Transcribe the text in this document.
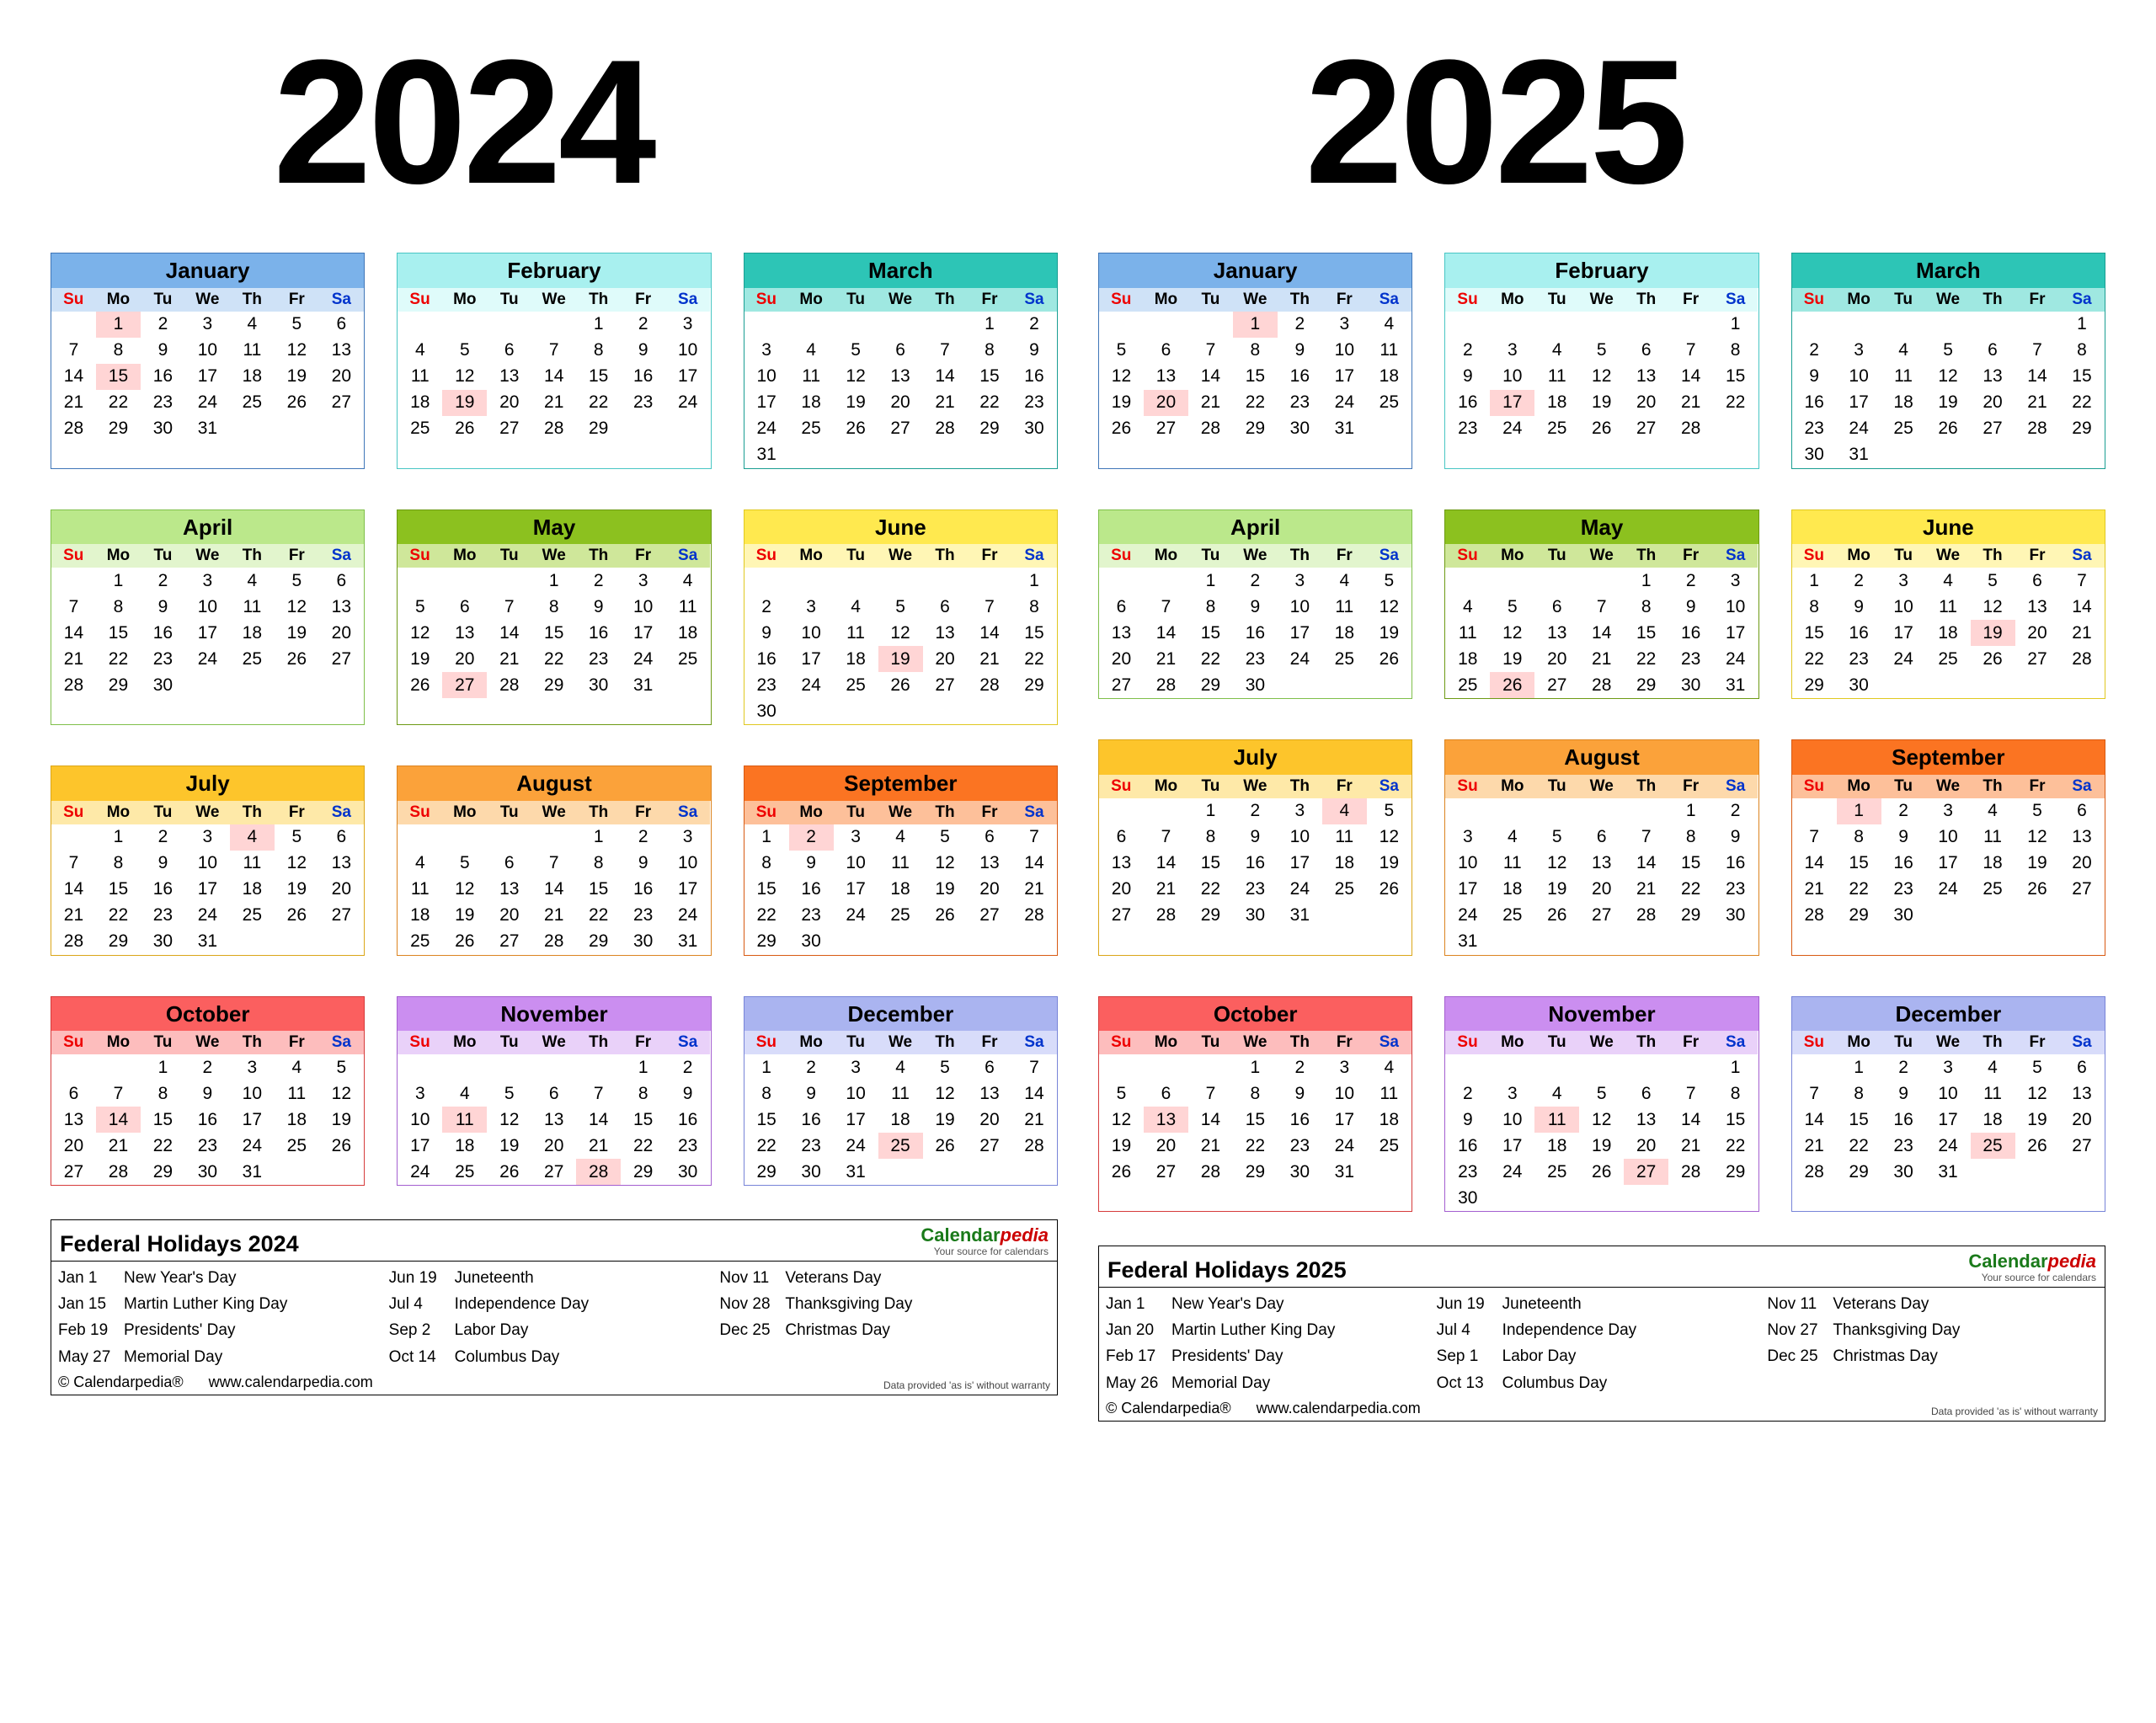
2024	2025
January
Su	Mo	Tu	We	Th	Fr	Sa
	1	2	3	4	5	6
7	8	9	10	11	12	13
14	15	16	17	18	19	20
21	22	23	24	25	26	27
28	29	30	31			
February
Su	Mo	Tu	We	Th	Fr	Sa
				1	2	3
4	5	6	7	8	9	10
11	12	13	14	15	16	17
18	19	20	21	22	23	24
25	26	27	28	29		
March
Su	Mo	Tu	We	Th	Fr	Sa
					1	2
3	4	5	6	7	8	9
10	11	12	13	14	15	16
17	18	19	20	21	22	23
24	25	26	27	28	29	30
31						
April
Su	Mo	Tu	We	Th	Fr	Sa
	1	2	3	4	5	6
7	8	9	10	11	12	13
14	15	16	17	18	19	20
21	22	23	24	25	26	27
28	29	30				
May
Su	Mo	Tu	We	Th	Fr	Sa
			1	2	3	4
5	6	7	8	9	10	11
12	13	14	15	16	17	18
19	20	21	22	23	24	25
26	27	28	29	30	31	
June
Su	Mo	Tu	We	Th	Fr	Sa
						1
2	3	4	5	6	7	8
9	10	11	12	13	14	15
16	17	18	19	20	21	22
23	24	25	26	27	28	29
30						
July
Su	Mo	Tu	We	Th	Fr	Sa
	1	2	3	4	5	6
7	8	9	10	11	12	13
14	15	16	17	18	19	20
21	22	23	24	25	26	27
28	29	30	31			
August
Su	Mo	Tu	We	Th	Fr	Sa
				1	2	3
4	5	6	7	8	9	10
11	12	13	14	15	16	17
18	19	20	21	22	23	24
25	26	27	28	29	30	31
September
Su	Mo	Tu	We	Th	Fr	Sa
1	2	3	4	5	6	7
8	9	10	11	12	13	14
15	16	17	18	19	20	21
22	23	24	25	26	27	28
29	30					
October
Su	Mo	Tu	We	Th	Fr	Sa
		1	2	3	4	5
6	7	8	9	10	11	12
13	14	15	16	17	18	19
20	21	22	23	24	25	26
27	28	29	30	31		
November
Su	Mo	Tu	We	Th	Fr	Sa
					1	2
3	4	5	6	7	8	9
10	11	12	13	14	15	16
17	18	19	20	21	22	23
24	25	26	27	28	29	30
December
Su	Mo	Tu	We	Th	Fr	Sa
1	2	3	4	5	6	7
8	9	10	11	12	13	14
15	16	17	18	19	20	21
22	23	24	25	26	27	28
29	30	31				
Federal Holidays 2024	Calendarpedia
Your source for calendars
Jan 1	New Year's Day
Jan 15	Martin Luther King Day
Feb 19 Presidents' Day
May 27 Memorial Day
Jun 19	Juneteenth
Jul 4	Independence Day
Sep 2	Labor Day
Oct 14	Columbus Day
Nov 11	Veterans Day
Nov 28 Thanksgiving Day
Dec 25 Christmas Day
© Calendarpedia® www.calendarpedia.com	Data provided 'as is' without warranty
January
Su	Mo	Tu	We	Th	Fr	Sa
			1	2	3	4
5	6	7	8	9	10	11
12	13	14	15	16	17	18
19	20	21	22	23	24	25
26	27	28	29	30	31	
February
Su	Mo	Tu	We	Th	Fr	Sa
						1
2	3	4	5	6	7	8
9	10	11	12	13	14	15
16	17	18	19	20	21	22
23	24	25	26	27	28	
March
Su	Mo	Tu	We	Th	Fr	Sa
						1
2	3	4	5	6	7	8
9	10	11	12	13	14	15
16	17	18	19	20	21	22
23	24	25	26	27	28	29
30	31					
April
Su	Mo	Tu	We	Th	Fr	Sa
		1	2	3	4	5
6	7	8	9	10	11	12
13	14	15	16	17	18	19
20	21	22	23	24	25	26
27	28	29	30			
May
Su	Mo	Tu	We	Th	Fr	Sa
				1	2	3
4	5	6	7	8	9	10
11	12	13	14	15	16	17
18	19	20	21	22	23	24
25	26	27	28	29	30	31
June
Su	Mo	Tu	We	Th	Fr	Sa
1	2	3	4	5	6	7
8	9	10	11	12	13	14
15	16	17	18	19	20	21
22	23	24	25	26	27	28
29	30					
July
Su	Mo	Tu	We	Th	Fr	Sa
		1	2	3	4	5
6	7	8	9	10	11	12
13	14	15	16	17	18	19
20	21	22	23	24	25	26
27	28	29	30	31		
August
Su	Mo	Tu	We	Th	Fr	Sa
					1	2
3	4	5	6	7	8	9
10	11	12	13	14	15	16
17	18	19	20	21	22	23
24	25	26	27	28	29	30
31						
September
Su	Mo	Tu	We	Th	Fr	Sa
	1	2	3	4	5	6
7	8	9	10	11	12	13
14	15	16	17	18	19	20
21	22	23	24	25	26	27
28	29	30				
October
Su	Mo	Tu	We	Th	Fr	Sa
			1	2	3	4
5	6	7	8	9	10	11
12	13	14	15	16	17	18
19	20	21	22	23	24	25
26	27	28	29	30	31	
November
Su	Mo	Tu	We	Th	Fr	Sa
						1
2	3	4	5	6	7	8
9	10	11	12	13	14	15
16	17	18	19	20	21	22
23	24	25	26	27	28	29
30						
December
Su	Mo	Tu	We	Th	Fr	Sa
	1	2	3	4	5	6
7	8	9	10	11	12	13
14	15	16	17	18	19	20
21	22	23	24	25	26	27
28	29	30	31			
Federal Holidays 2025	Calendarpedia
Your source for calendars
Jan 1	New Year's Day
Jan 20	Martin Luther King Day
Feb 17 Presidents' Day
May 26 Memorial Day
Jun 19	Juneteenth
Jul 4	Independence Day
Sep 1	Labor Day
Oct 13	Columbus Day
Nov 11	Veterans Day
Nov 27 Thanksgiving Day
Dec 25 Christmas Day
© Calendarpedia® www.calendarpedia.com	Data provided 'as is' without warranty
